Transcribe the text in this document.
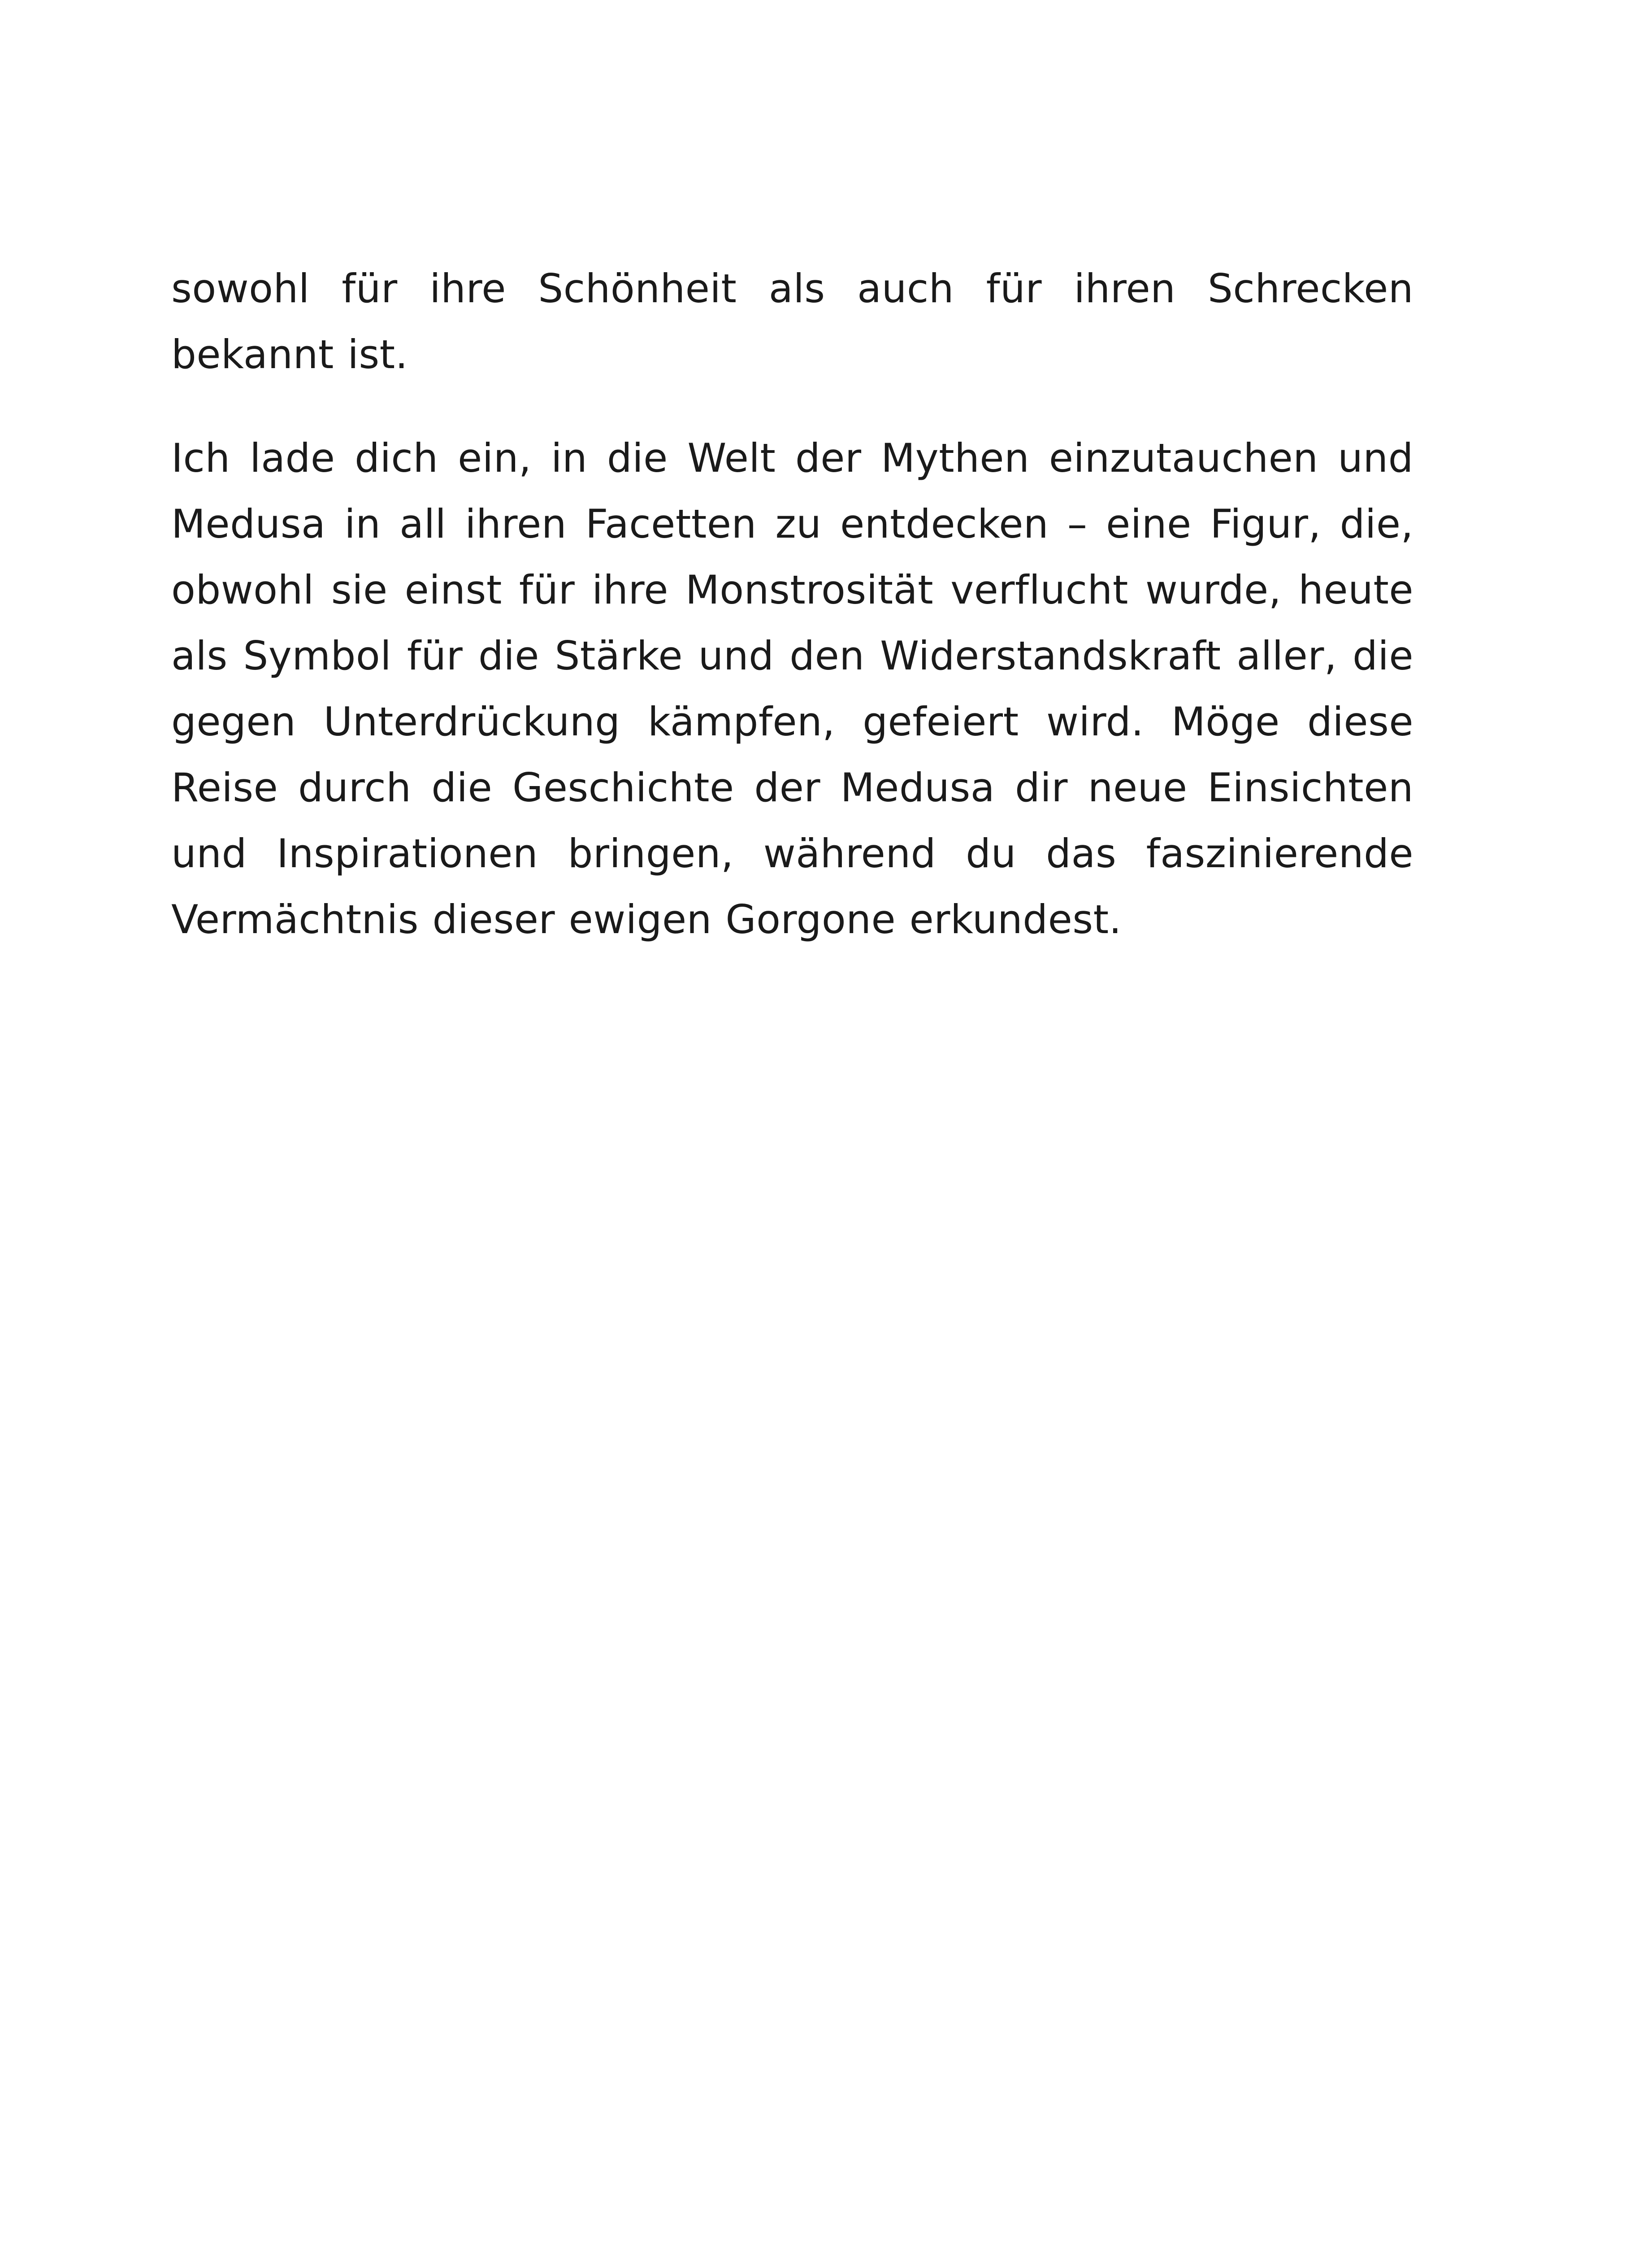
sowohl für ihre Schönheit als auch für ihren Schrecken bekannt ist.

Ich lade dich ein, in die Welt der Mythen einzutauchen und Medusa in all ihren Facetten zu entdecken – eine Figur, die, obwohl sie einst für ihre Monstrosität verflucht wurde, heute als Symbol für die Stärke und den Widerstandskraft aller, die gegen Unterdrückung kämpfen, gefeiert wird. Möge diese Reise durch die Geschichte der Medusa dir neue Einsichten und Inspirationen bringen, während du das faszinierende Vermächtnis dieser ewigen Gorgone erkundest.
